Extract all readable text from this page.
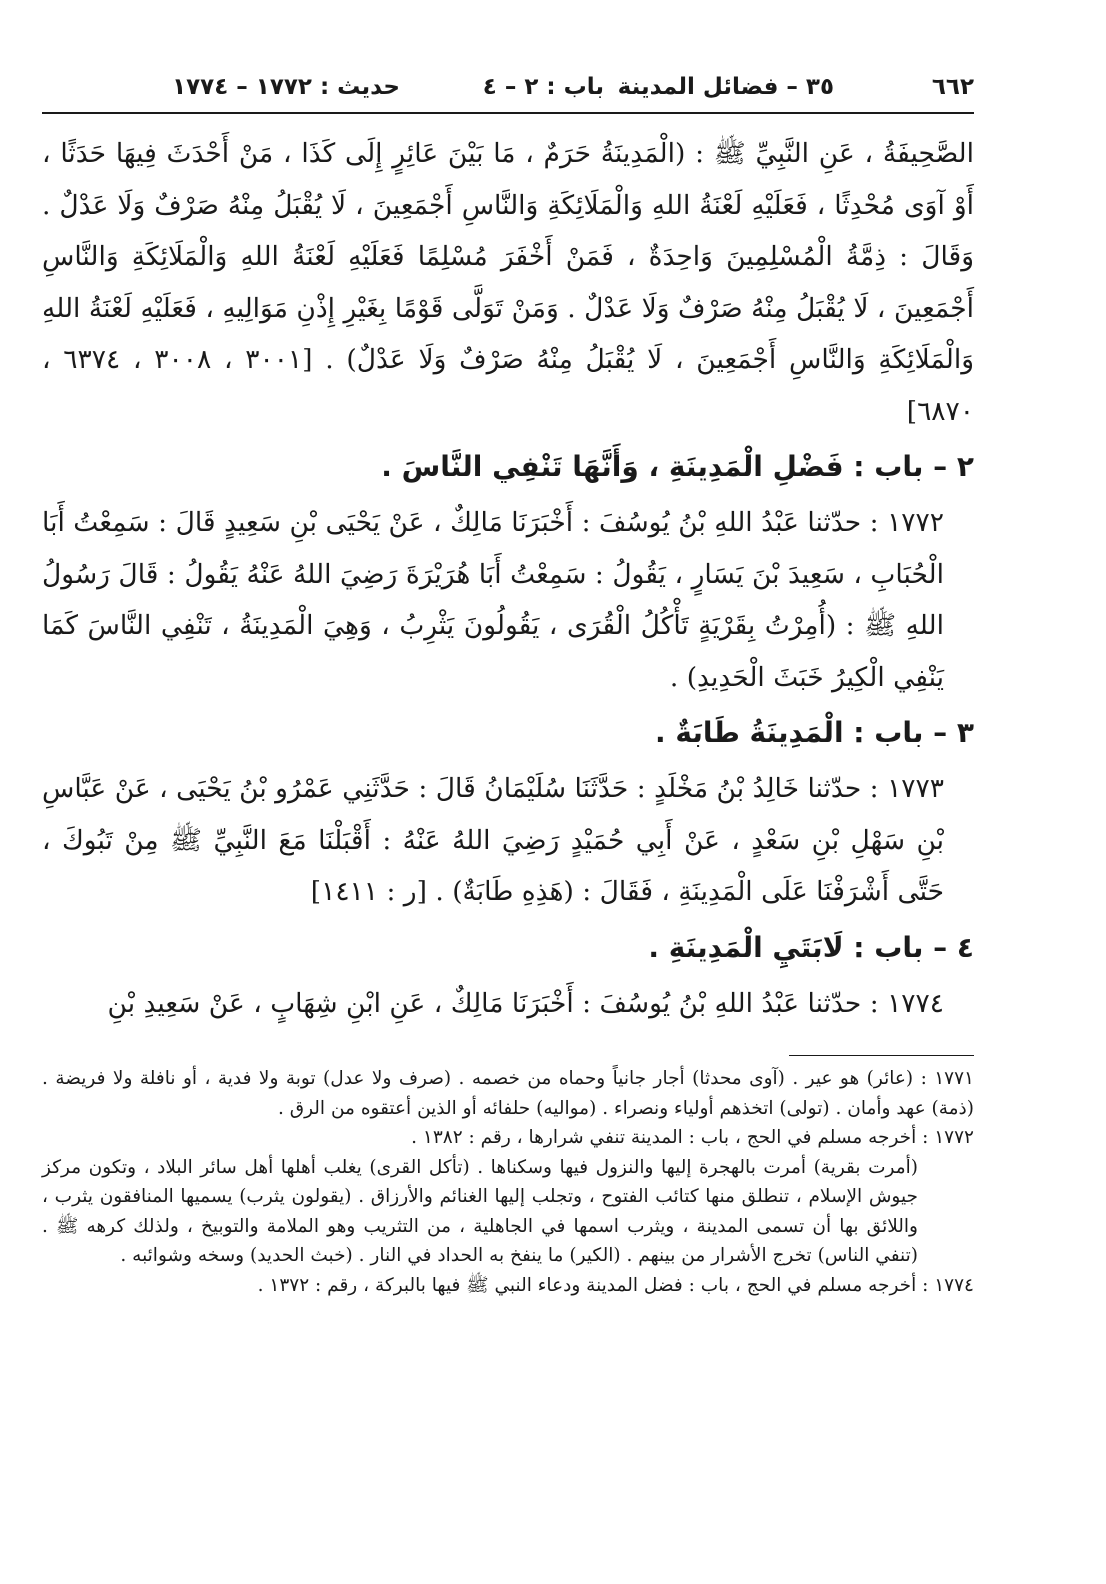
٦٦٢
٣٥ – فضائل المدينة
باب : ٢ – ٤
حديث : ١٧٧٢ – ١٧٧٤

الصَّحِيفَةُ ، عَنِ النَّبِيِّ ﷺ : (الْمَدِينَةُ حَرَمٌ ، مَا بَيْنَ عَائِرٍ إِلَى كَذَا ، مَنْ أَحْدَثَ فِيهَا حَدَثًا ، أَوْ آوَى مُحْدِثًا ، فَعَلَيْهِ لَعْنَةُ اللهِ وَالْمَلَائِكَةِ وَالنَّاسِ أَجْمَعِينَ ، لَا يُقْبَلُ مِنْهُ صَرْفٌ وَلَا عَدْلٌ . وَقَالَ : ذِمَّةُ الْمُسْلِمِينَ وَاحِدَةٌ ، فَمَنْ أَخْفَرَ مُسْلِمًا فَعَلَيْهِ لَعْنَةُ اللهِ وَالْمَلَائِكَةِ وَالنَّاسِ أَجْمَعِينَ ، لَا يُقْبَلُ مِنْهُ صَرْفٌ وَلَا عَدْلٌ . وَمَنْ تَوَلَّى قَوْمًا بِغَيْرِ إِذْنِ مَوَالِيهِ ، فَعَلَيْهِ لَعْنَةُ اللهِ وَالْمَلَائِكَةِ وَالنَّاسِ أَجْمَعِينَ ، لَا يُقْبَلُ مِنْهُ صَرْفٌ وَلَا عَدْلٌ) . [٣٠٠١ ، ٣٠٠٨ ، ٦٣٧٤ ، ٦٨٧٠]

٢ – باب : فَضْلِ الْمَدِينَةِ ، وَأَنَّهَا تَنْفِي النَّاسَ .

١٧٧٢ : حدّثنا عَبْدُ اللهِ بْنُ يُوسُفَ : أَخْبَرَنَا مَالِكٌ ، عَنْ يَحْيَى بْنِ سَعِيدٍ قَالَ : سَمِعْتُ أَبَا الْحُبَابِ ، سَعِيدَ بْنَ يَسَارٍ ، يَقُولُ : سَمِعْتُ أَبَا هُرَيْرَةَ رَضِيَ اللهُ عَنْهُ يَقُولُ : قَالَ رَسُولُ اللهِ ﷺ : (أُمِرْتُ بِقَرْيَةٍ تَأْكُلُ الْقُرَى ، يَقُولُونَ يَثْرِبُ ، وَهِيَ الْمَدِينَةُ ، تَنْفِي النَّاسَ كَمَا يَنْفِي الْكِيرُ خَبَثَ الْحَدِيدِ) .

٣ – باب : الْمَدِينَةُ طَابَةٌ .

١٧٧٣ : حدّثنا خَالِدُ بْنُ مَخْلَدٍ : حَدَّثَنَا سُلَيْمَانُ قَالَ : حَدَّثَنِي عَمْرُو بْنُ يَحْيَى ، عَنْ عَبَّاسِ بْنِ سَهْلِ بْنِ سَعْدٍ ، عَنْ أَبِي حُمَيْدٍ رَضِيَ اللهُ عَنْهُ : أَقْبَلْنَا مَعَ النَّبِيِّ ﷺ مِنْ تَبُوكَ ، حَتَّى أَشْرَفْنَا عَلَى الْمَدِينَةِ ، فَقَالَ : (هَذِهِ طَابَةٌ) . [ر : ١٤١١]

٤ – باب : لَابَتَيِ الْمَدِينَةِ .

١٧٧٤ : حدّثنا عَبْدُ اللهِ بْنُ يُوسُفَ : أَخْبَرَنَا مَالِكٌ ، عَنِ ابْنِ شِهَابٍ ، عَنْ سَعِيدِ بْنِ

١٧٧١ : (عائر) هو عير . (آوى محدثا) أجار جانياً وحماه من خصمه . (صرف ولا عدل) توبة ولا فدية ، أو نافلة ولا فريضة . (ذمة) عهد وأمان . (تولى) اتخذهم أولياء ونصراء . (مواليه) حلفائه أو الذين أعتقوه من الرق .

١٧٧٢ : أخرجه مسلم في الحج ، باب : المدينة تنفي شرارها ، رقم : ١٣٨٢ .

(أمرت بقرية) أمرت بالهجرة إليها والنزول فيها وسكناها . (تأكل القرى) يغلب أهلها أهل سائر البلاد ، وتكون مركز جيوش الإسلام ، تنطلق منها كتائب الفتوح ، وتجلب إليها الغنائم والأرزاق . (يقولون يثرب) يسميها المنافقون يثرب ، واللائق بها أن تسمى المدينة ، ويثرب اسمها في الجاهلية ، من التثريب وهو الملامة والتوبيخ ، ولذلك كرهه ﷺ . (تنفي الناس) تخرج الأشرار من بينهم . (الكير) ما ينفخ به الحداد في النار . (خبث الحديد) وسخه وشوائبه .

١٧٧٤ : أخرجه مسلم في الحج ، باب : فضل المدينة ودعاء النبي ﷺ فيها بالبركة ، رقم : ١٣٧٢ .
